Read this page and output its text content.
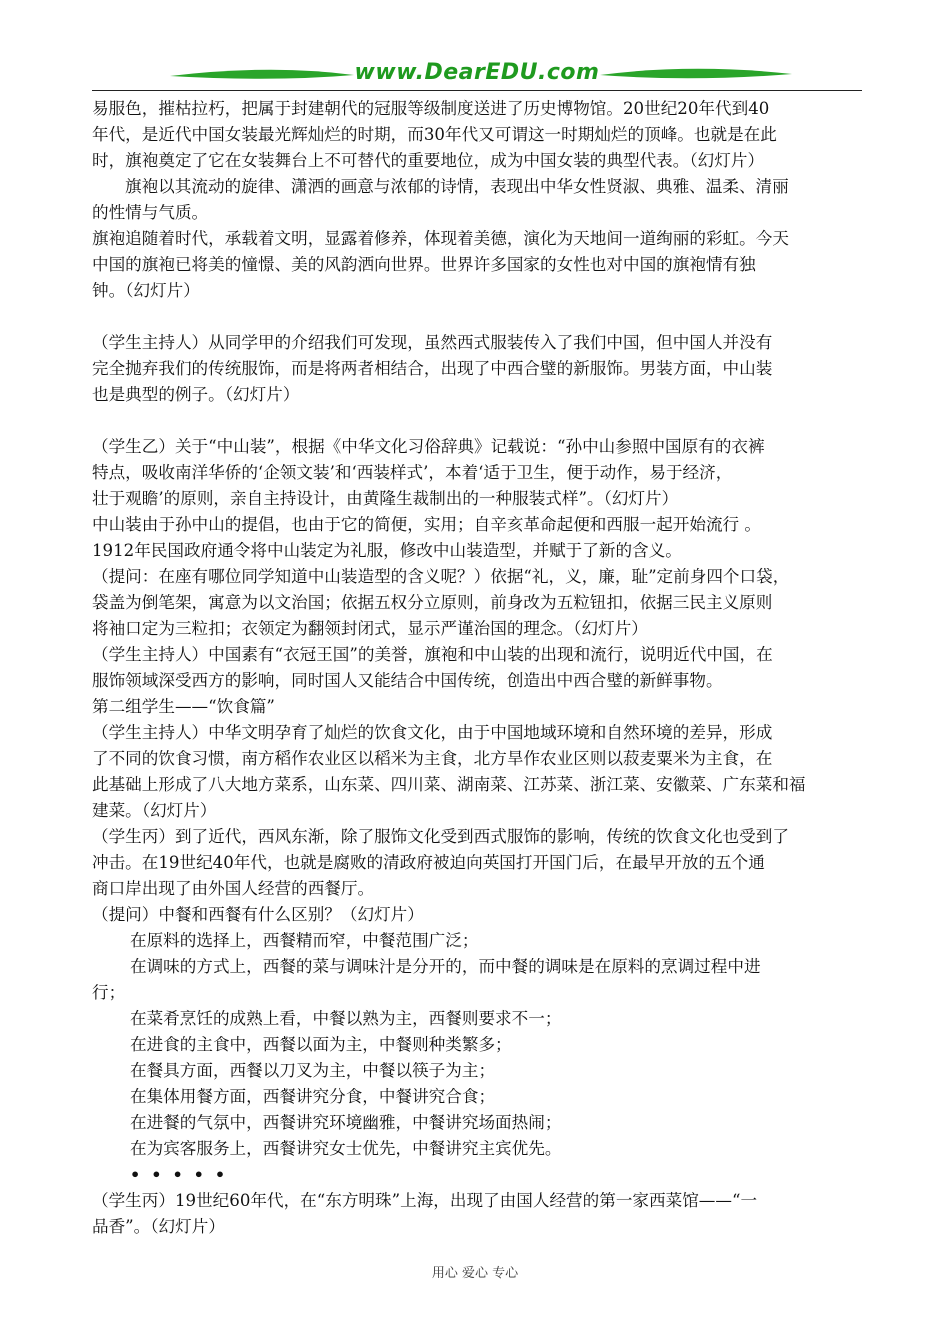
www.DearEDU.com
易服色，摧枯拉朽，把属于封建朝代的冠服等级制度送进了历史博物馆。20世纪20年代到40
年代，是近代中国女装最光辉灿烂的时期，而30年代又可谓这一时期灿烂的顶峰。也就是在此
时，旗袍奠定了它在女装舞台上不可替代的重要地位，成为中国女装的典型代表。（幻灯片）
旗袍以其流动的旋律、潇洒的画意与浓郁的诗情，表现出中华女性贤淑、典雅、温柔、清丽
的性情与气质。
旗袍追随着时代，承载着文明，显露着修养，体现着美德，演化为天地间一道绚丽的彩虹。今天
中国的旗袍已将美的憧憬、美的风韵洒向世界。世界许多国家的女性也对中国的旗袍情有独
钟。（幻灯片）
（学生主持人）从同学甲的介绍我们可发现，虽然西式服装传入了我们中国，但中国人并没有
完全抛弃我们的传统服饰，而是将两者相结合，出现了中西合璧的新服饰。男装方面，中山装
也是典型的例子。（幻灯片）
（学生乙）关于“中山装”，根据《中华文化习俗辞典》记载说：“孙中山参照中国原有的衣裤
特点，吸收南洋华侨的‘企领文装’和‘西装样式’，本着‘适于卫生，便于动作，易于经济，
壮于观瞻’的原则，亲自主持设计，由黄隆生裁制出的一种服装式样”。（幻灯片）
中山装由于孙中山的提倡，也由于它的简便，实用；自辛亥革命起便和西服一起开始流行 。
1912年民国政府通令将中山装定为礼服，修改中山装造型，并赋于了新的含义。
（提问：在座有哪位同学知道中山装造型的含义呢？）依据“礼，义，廉，耻”定前身四个口袋，
袋盖为倒笔架，寓意为以文治国；依据五权分立原则，前身改为五粒钮扣，依据三民主义原则
将袖口定为三粒扣；衣领定为翻领封闭式，显示严谨治国的理念。（幻灯片）
（学生主持人）中国素有“衣冠王国”的美誉，旗袍和中山装的出现和流行，说明近代中国，在
服饰领域深受西方的影响，同时国人又能结合中国传统，创造出中西合璧的新鲜事物。
第二组学生——“饮食篇”
（学生主持人）中华文明孕育了灿烂的饮食文化，由于中国地域环境和自然环境的差异，形成
了不同的饮食习惯，南方稻作农业区以稻米为主食，北方旱作农业区则以菽麦粟米为主食，在
此基础上形成了八大地方菜系，山东菜、四川菜、湖南菜、江苏菜、浙江菜、安徽菜、广东菜和福
建菜。（幻灯片）
（学生丙）到了近代，西风东渐，除了服饰文化受到西式服饰的影响，传统的饮食文化也受到了
冲击。在19世纪40年代，也就是腐败的清政府被迫向英国打开国门后，在最早开放的五个通
商口岸出现了由外国人经营的西餐厅。
（提问）中餐和西餐有什么区别？（幻灯片）
在原料的选择上，西餐精而窄，中餐范围广泛；
在调味的方式上，西餐的菜与调味汁是分开的，而中餐的调味是在原料的烹调过程中进
行；
在菜肴烹饪的成熟上看，中餐以熟为主，西餐则要求不一；
在进食的主食中，西餐以面为主，中餐则种类繁多；
在餐具方面，西餐以刀叉为主，中餐以筷子为主；
在集体用餐方面，西餐讲究分食，中餐讲究合食；
在进餐的气氛中，西餐讲究环境幽雅，中餐讲究场面热闹；
在为宾客服务上，西餐讲究女士优先，中餐讲究主宾优先。
•••••
（学生丙）19世纪60年代，在“东方明珠”上海，出现了由国人经营的第一家西菜馆——“一
品香”。（幻灯片）
用心 爱心 专心
